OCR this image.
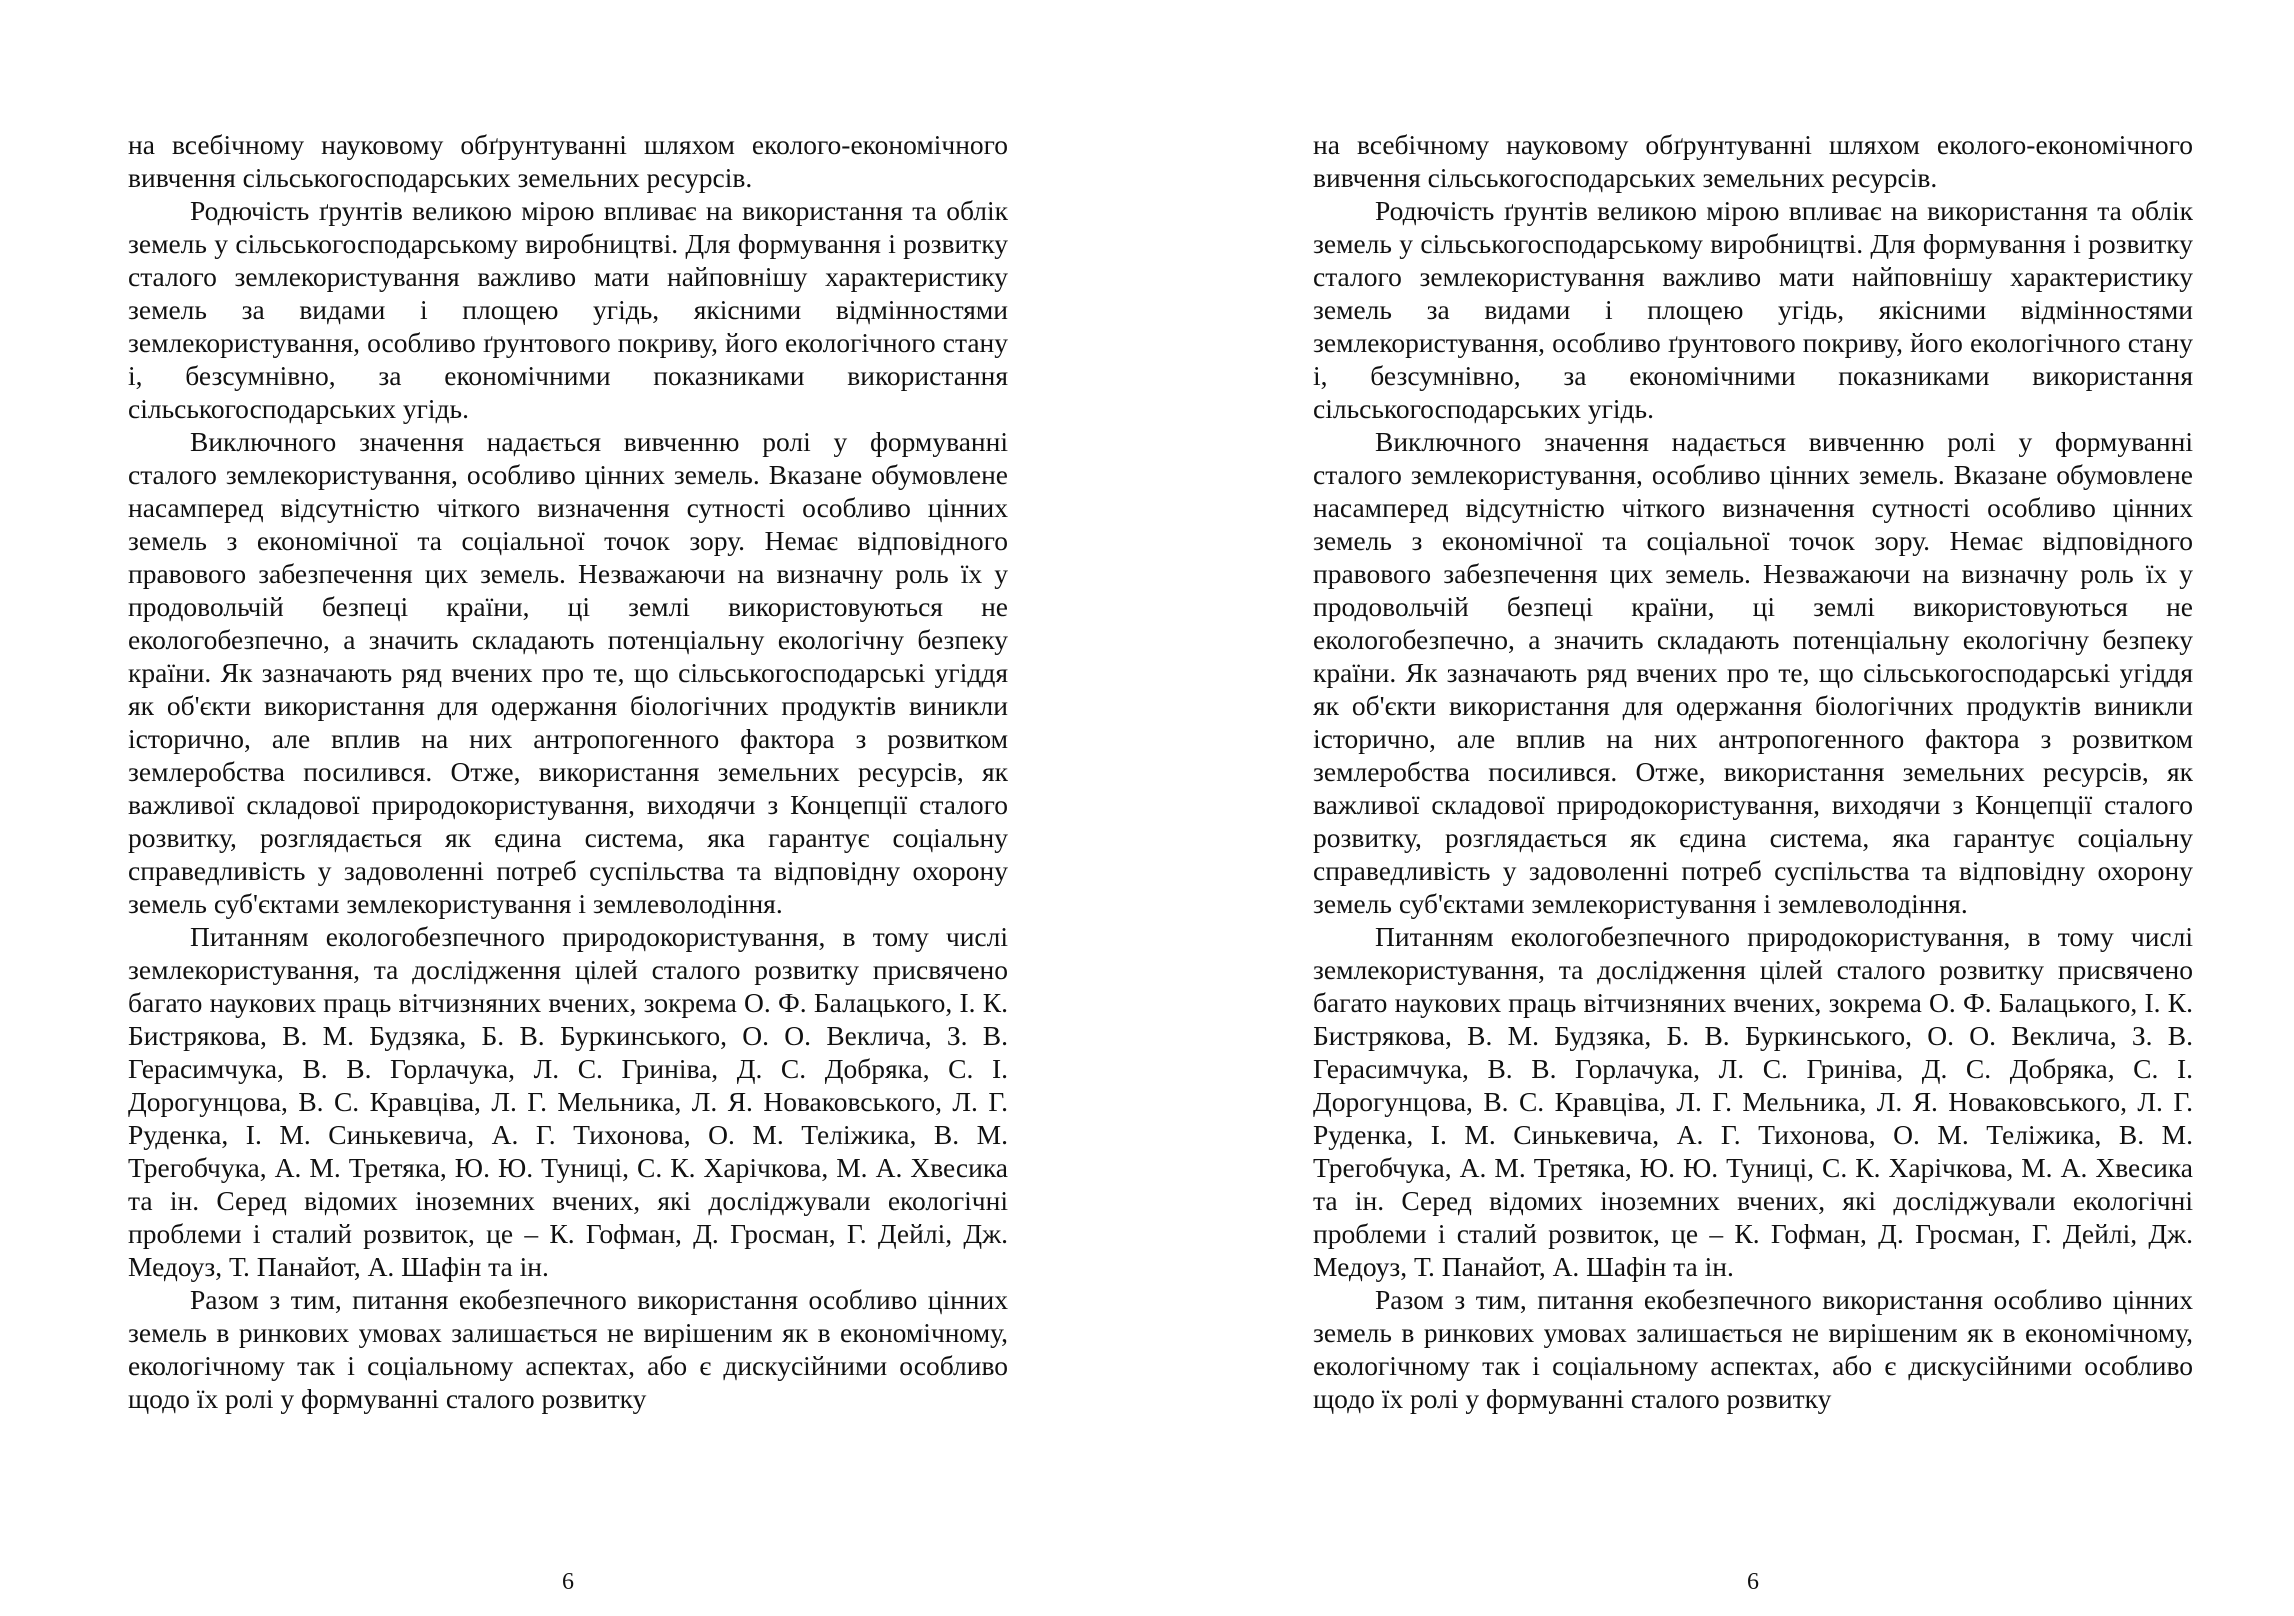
на всебічному науковому обґрунтуванні шляхом еколого-економічного вивчення сільськогосподарських земельних ресурсів.

Родючість ґрунтів великою мірою впливає на використання та облік земель у сільськогосподарському виробництві. Для формування і розвитку сталого землекористування важливо мати найповнішу характеристику земель за видами і площею угідь, якісними відмінностями землекористування, особливо ґрунтового покриву, його екологічного стану і, безсумнівно, за економічними показниками використання сільськогосподарських угідь.

Виключного значення надається вивченню ролі у формуванні сталого землекористування, особливо цінних земель. Вказане обумовлене насамперед відсутністю чіткого визначення сутності особливо цінних земель з економічної та соціальної точок зору. Немає відповідного правового забезпечення цих земель. Незважаючи на визначну роль їх у продовольчій безпеці країни, ці землі використовуються не екологобезпечно, а значить складають потенціальну екологічну безпеку країни. Як зазначають ряд вчених про те, що сільськогосподарські угіддя як об'єкти використання для одержання біологічних продуктів виникли історично, але вплив на них антропогенного фактора з розвитком землеробства посилився. Отже, використання земельних ресурсів, як важливої складової природокористування, виходячи з Концепції сталого розвитку, розглядається як єдина система, яка гарантує соціальну справедливість у задоволенні потреб суспільства та відповідну охорону земель суб'єктами землекористування і землеволодіння.

Питанням екологобезпечного природокористування, в тому числі землекористування, та дослідження цілей сталого розвитку присвячено багато наукових праць вітчизняних вчених, зокрема О. Ф. Балацького, І. К. Бистрякова, В. М. Будзяка, Б. В. Буркинського, О. О. Веклича, З. В. Герасимчука, В. В. Горлачука, Л. С. Гриніва, Д. С. Добряка, С. І. Дорогунцова, В. С. Кравціва, Л. Г. Мельника, Л. Я. Новаковського, Л. Г. Руденка, І. М. Синькевича, А. Г. Тихонова, О. М. Теліжика, В. М. Трегобчука, А. М. Третяка, Ю. Ю. Туниці, С. К. Харічкова, М. А. Хвесика та ін. Серед відомих іноземних вчених, які досліджували екологічні проблеми і сталий розвиток, це – К. Гофман, Д. Гросман, Г. Дейлі, Дж. Медоуз, Т. Панайот, А. Шафін та ін.

Разом з тим, питання екобезпечного використання особливо цінних земель в ринкових умовах залишається не вирішеним як в економічному, екологічному так і соціальному аспектах, або є дискусійними особливо щодо їх ролі у формуванні сталого розвитку

6

на всебічному науковому обґрунтуванні шляхом еколого-економічного вивчення сільськогосподарських земельних ресурсів.

Родючість ґрунтів великою мірою впливає на використання та облік земель у сільськогосподарському виробництві. Для формування і розвитку сталого землекористування важливо мати найповнішу характеристику земель за видами і площею угідь, якісними відмінностями землекористування, особливо ґрунтового покриву, його екологічного стану і, безсумнівно, за економічними показниками використання сільськогосподарських угідь.

Виключного значення надається вивченню ролі у формуванні сталого землекористування, особливо цінних земель. Вказане обумовлене насамперед відсутністю чіткого визначення сутності особливо цінних земель з економічної та соціальної точок зору. Немає відповідного правового забезпечення цих земель. Незважаючи на визначну роль їх у продовольчій безпеці країни, ці землі використовуються не екологобезпечно, а значить складають потенціальну екологічну безпеку країни. Як зазначають ряд вчених про те, що сільськогосподарські угіддя як об'єкти використання для одержання біологічних продуктів виникли історично, але вплив на них антропогенного фактора з розвитком землеробства посилився. Отже, використання земельних ресурсів, як важливої складової природокористування, виходячи з Концепції сталого розвитку, розглядається як єдина система, яка гарантує соціальну справедливість у задоволенні потреб суспільства та відповідну охорону земель суб'єктами землекористування і землеволодіння.

Питанням екологобезпечного природокористування, в тому числі землекористування, та дослідження цілей сталого розвитку присвячено багато наукових праць вітчизняних вчених, зокрема О. Ф. Балацького, І. К. Бистрякова, В. М. Будзяка, Б. В. Буркинського, О. О. Веклича, З. В. Герасимчука, В. В. Горлачука, Л. С. Гриніва, Д. С. Добряка, С. І. Дорогунцова, В. С. Кравціва, Л. Г. Мельника, Л. Я. Новаковського, Л. Г. Руденка, І. М. Синькевича, А. Г. Тихонова, О. М. Теліжика, В. М. Трегобчука, А. М. Третяка, Ю. Ю. Туниці, С. К. Харічкова, М. А. Хвесика та ін. Серед відомих іноземних вчених, які досліджували екологічні проблеми і сталий розвиток, це – К. Гофман, Д. Гросман, Г. Дейлі, Дж. Медоуз, Т. Панайот, А. Шафін та ін.

Разом з тим, питання екобезпечного використання особливо цінних земель в ринкових умовах залишається не вирішеним як в економічному, екологічному так і соціальному аспектах, або є дискусійними особливо щодо їх ролі у формуванні сталого розвитку

6
